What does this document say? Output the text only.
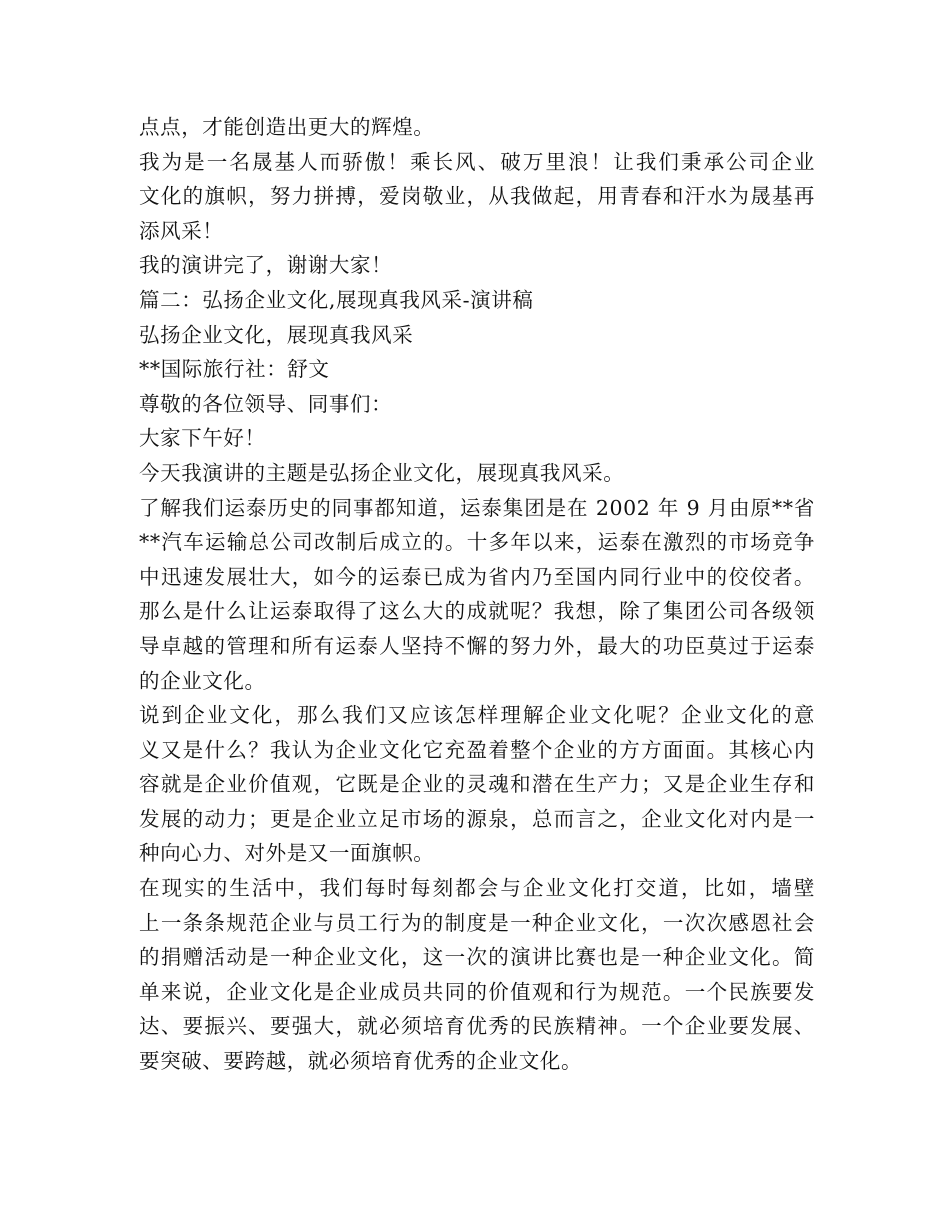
点点，才能创造出更大的辉煌。
我为是一名晟基人而骄傲！乘长风、破万里浪！让我们秉承公司企业
文化的旗帜，努力拼搏，爱岗敬业，从我做起，用青春和汗水为晟基再
添风采！
我的演讲完了，谢谢大家！
篇二：弘扬企业文化,展现真我风采-演讲稿
弘扬企业文化，展现真我风采
**国际旅行社：舒文
尊敬的各位领导、同事们：
大家下午好！
今天我演讲的主题是弘扬企业文化，展现真我风采。
了解我们运泰历史的同事都知道，运泰集团是在 2002 年 9 月由原**省
**汽车运输总公司改制后成立的。十多年以来，运泰在激烈的市场竞争
中迅速发展壮大，如今的运泰已成为省内乃至国内同行业中的佼佼者。
那么是什么让运泰取得了这么大的成就呢？我想，除了集团公司各级领
导卓越的管理和所有运泰人坚持不懈的努力外，最大的功臣莫过于运泰
的企业文化。
说到企业文化，那么我们又应该怎样理解企业文化呢？企业文化的意
义又是什么？我认为企业文化它充盈着整个企业的方方面面。其核心内
容就是企业价值观，它既是企业的灵魂和潜在生产力；又是企业生存和
发展的动力；更是企业立足市场的源泉，总而言之，企业文化对内是一
种向心力、对外是又一面旗帜。
在现实的生活中，我们每时每刻都会与企业文化打交道，比如，墙壁
上一条条规范企业与员工行为的制度是一种企业文化，一次次感恩社会
的捐赠活动是一种企业文化，这一次的演讲比赛也是一种企业文化。简
单来说，企业文化是企业成员共同的价值观和行为规范。一个民族要发
达、要振兴、要强大，就必须培育优秀的民族精神。一个企业要发展、
要突破、要跨越，就必须培育优秀的企业文化。
